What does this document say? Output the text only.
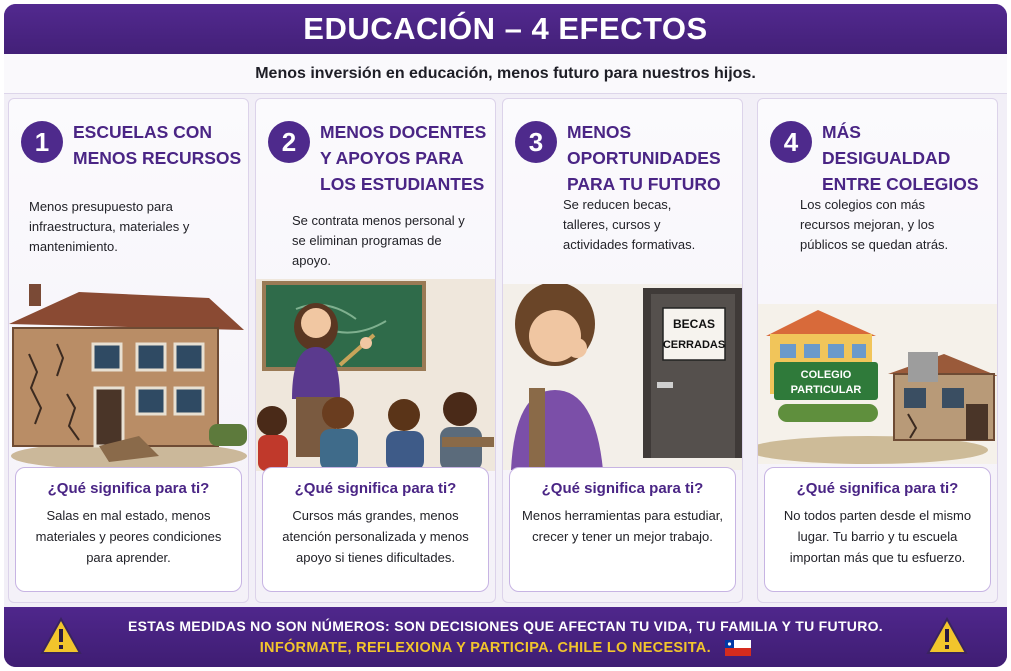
EDUCACIÓN – 4 EFECTOS
Menos inversión en educación, menos futuro para nuestros hijos.
1	ESCUELAS CON MENOS RECURSOS
Menos presupuesto para infraestructura, materiales y mantenimiento.
¿Qué significa para ti?
Salas en mal estado, menos materiales y peores condiciones para aprender.
2	MENOS DOCENTES Y APOYOS PARA LOS ESTUDIANTES
Se contrata menos personal y se eliminan programas de apoyo.
¿Qué significa para ti?
Cursos más grandes, menos atención personalizada y menos apoyo si tienes dificultades.
3	MENOS OPORTUNIDADES PARA TU FUTURO
Se reducen becas, talleres, cursos y actividades formativas.
BECAS
CERRADAS
¿Qué significa para ti?
Menos herramientas para estudiar, crecer y tener un mejor trabajo.
4	MÁS DESIGUALDAD ENTRE COLEGIOS
Los colegios con más recursos mejoran, y los públicos se quedan atrás.
COLEGIO
PARTICULAR
¿Qué significa para ti?
No todos parten desde el mismo lugar. Tu barrio y tu escuela importan más que tu esfuerzo.
ESTAS MEDIDAS NO SON NÚMEROS: SON DECISIONES QUE AFECTAN TU VIDA, TU FAMILIA Y TU FUTURO.
INFÓRMATE, REFLEXIONA Y PARTICIPA. CHILE LO NECESITA.
